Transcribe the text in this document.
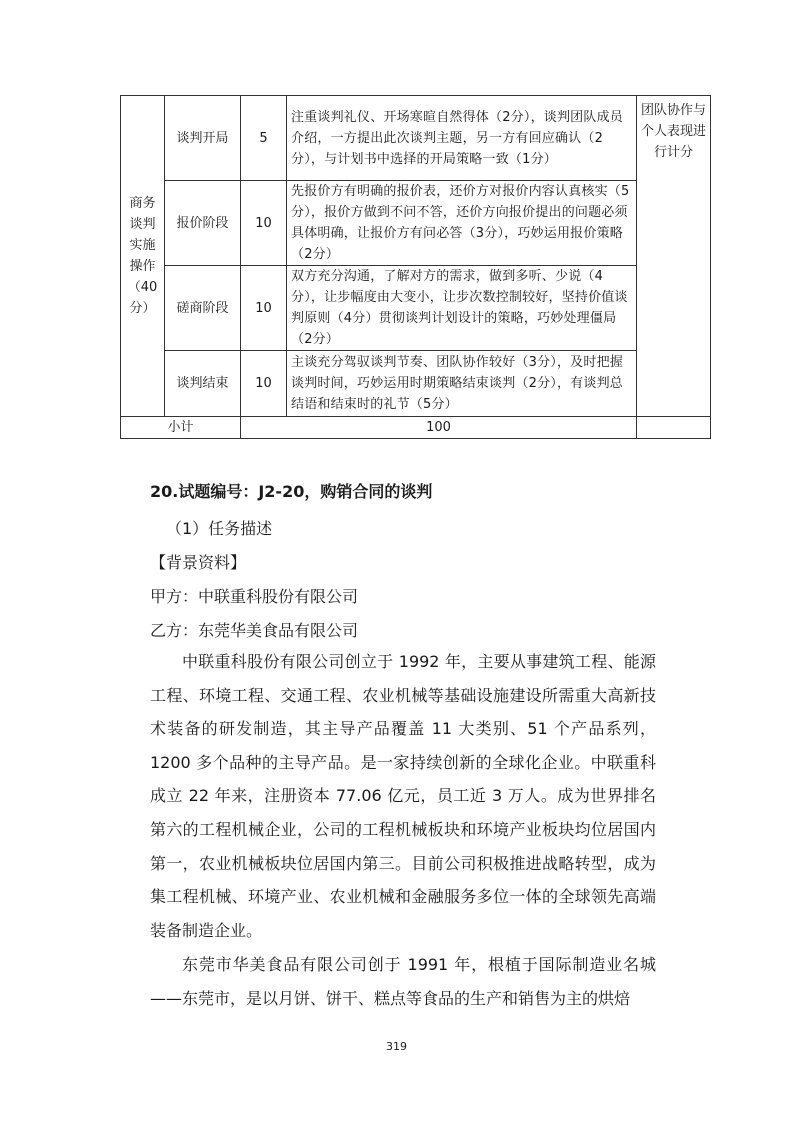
商务谈判实施操作（40分）	谈判开局	5	注重谈判礼仪、开场寒暄自然得体（2分），谈判团队成员介绍，一方提出此次谈判主题，另一方有回应确认（2分），与计划书中选择的开局策略一致（1分）	团队协作与个人表现进行计分
	报价阶段	10	先报价方有明确的报价表，还价方对报价内容认真核实（5分），报价方做到不问不答，还价方向报价提出的问题必须具体明确，让报价方有问必答（3分），巧妙运用报价策略（2分）	
	磋商阶段	10	双方充分沟通，了解对方的需求，做到多听、少说（4分），让步幅度由大变小，让步次数控制较好，坚持价值谈判原则（4分）贯彻谈判计划设计的策略，巧妙处理僵局（2分）	
	谈判结束	10	主谈充分驾驭谈判节奏、团队协作较好（3分），及时把握谈判时间，巧妙运用时期策略结束谈判（2分），有谈判总结语和结束时的礼节（5分）	
小计		100		
20.试题编号：J2-20，购销合同的谈判
（1）任务描述
【背景资料】
甲方：中联重科股份有限公司
乙方：东莞华美食品有限公司

中联重科股份有限公司创立于 1992 年，主要从事建筑工程、能源工程、环境工程、交通工程、农业机械等基础设施建设所需重大高新技术装备的研发制造，其主导产品覆盖 11 大类别、51 个产品系列，1200 多个品种的主导产品。是一家持续创新的全球化企业。中联重科成立 22 年来，注册资本 77.06 亿元，员工近 3 万人。成为世界排名第六的工程机械企业，公司的工程机械板块和环境产业板块均位居国内第一，农业机械板块位居国内第三。目前公司积极推进战略转型，成为集工程机械、环境产业、农业机械和金融服务多位一体的全球领先高端装备制造企业。

东莞市华美食品有限公司创于 1991 年，根植于国际制造业名城——东莞市，是以月饼、饼干、糕点等食品的生产和销售为主的烘焙

319
